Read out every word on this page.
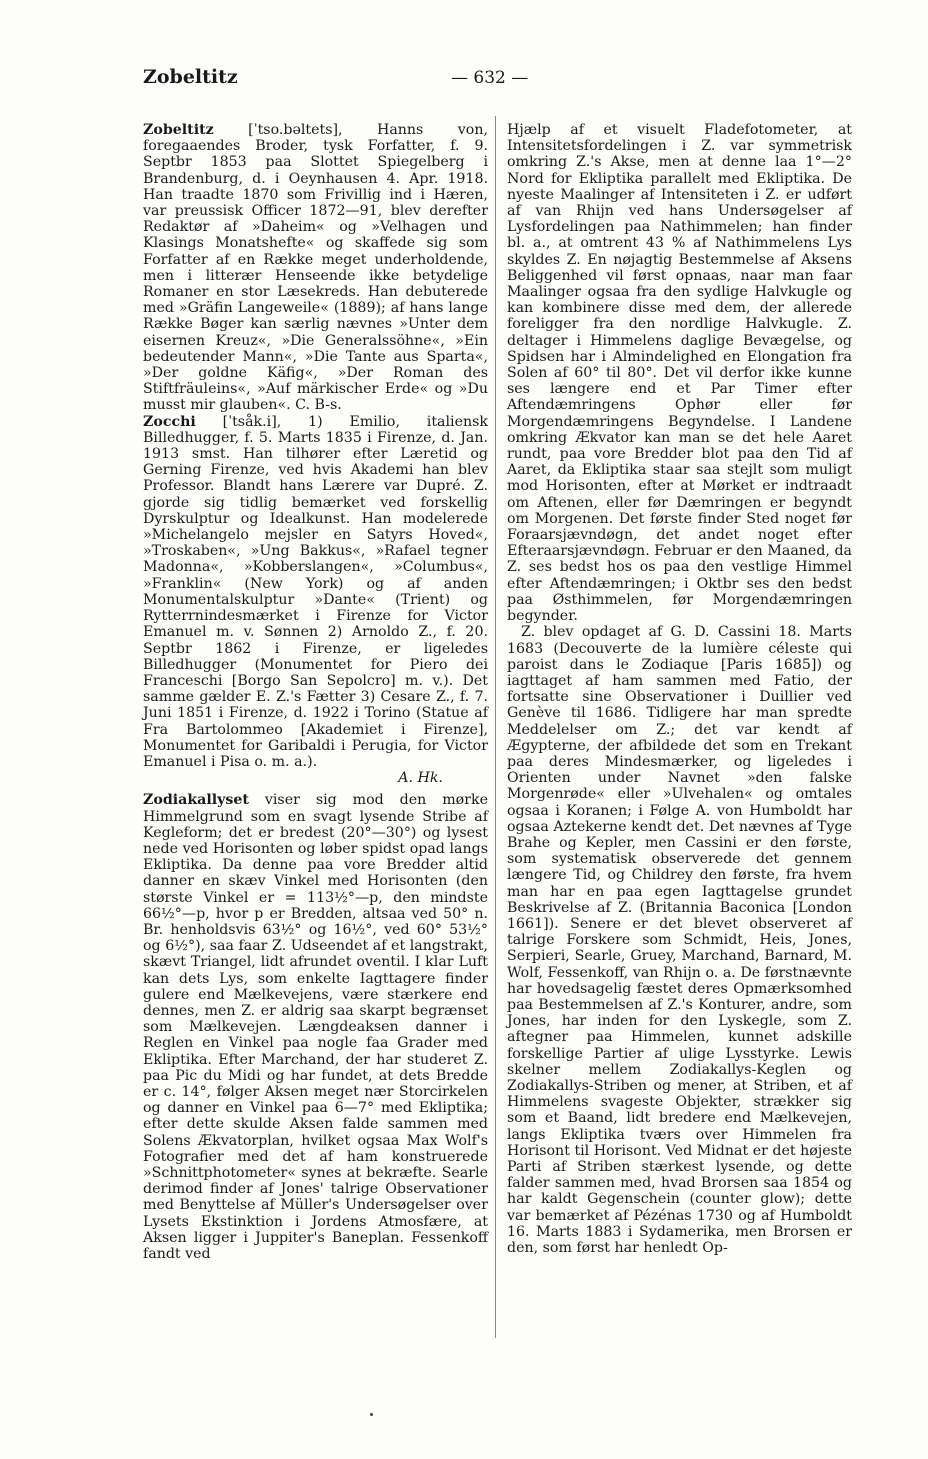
Zobeltitz	— 632 —

Zobeltitz [ˈtso.bəltets], Hanns von, foregaaendes Broder, tysk Forfatter, f. 9. Septbr 1853 paa Slottet Spiegelberg i Brandenburg, d. i Oeynhausen 4. Apr. 1918. Han traadte 1870 som Frivillig ind i Hæren, var preussisk Officer 1872—91, blev derefter Redaktør af »Daheim« og »Velhagen und Klasings Monatshefte« og skaffede sig som Forfatter af en Række meget underholdende, men i litterær Henseende ikke betydelige Romaner en stor Læsekreds. Han debuterede med »Gräfin Langeweile« (1889); af hans lange Række Bøger kan særlig nævnes »Unter dem eisernen Kreuz«, »Die Generalssöhne«, »Ein bedeutender Mann«, »Die Tante aus Sparta«, »Der goldne Käfig«, »Der Roman des Stiftfräuleins«, »Auf märkischer Erde« og »Du musst mir glauben«. C. B-s.

Zocchi [ˈtsåk.i], 1) Emilio, italiensk Billedhugger, f. 5. Marts 1835 i Firenze, d. Jan. 1913 smst. Han tilhører efter Læretid og Gerning Firenze, ved hvis Akademi han blev Professor. Blandt hans Lærere var Dupré. Z. gjorde sig tidlig bemærket ved forskellig Dyrskulptur og Idealkunst. Han modelerede »Michelangelo mejsler en Satyrs Hoved«, »Troskaben«, »Ung Bakkus«, »Rafael tegner Madonna«, »Kobberslangen«, »Columbus«, »Franklin« (New York) og af anden Monumentalskulptur »Dante« (Trient) og Rytterrnindesmærket i Firenze for Victor Emanuel m. v. Sønnen 2) Arnoldo Z., f. 20. Septbr 1862 i Firenze, er ligeledes Billedhugger (Monumentet for Piero dei Franceschi [Borgo San Sepolcro] m. v.). Det samme gælder E. Z.'s Fætter 3) Cesare Z., f. 7. Juni 1851 i Firenze, d. 1922 i Torino (Statue af Fra Bartolommeo [Akademiet i Firenze], Monumentet for Garibaldi i Perugia, for Victor Emanuel i Pisa o. m. a.).
A. Hk.

Zodiakallyset viser sig mod den mørke Himmelgrund som en svagt lysende Stribe af Kegleform; det er bredest (20°—30°) og lysest nede ved Horisonten og løber spidst opad langs Ekliptika. Da denne paa vore Bredder altid danner en skæv Vinkel med Horisonten (den største Vinkel er = 113½°—p, den mindste 66½°—p, hvor p er Bredden, altsaa ved 50° n. Br. henholdsvis 63½° og 16½°, ved 60° 53½° og 6½°), saa faar Z. Udseendet af et langstrakt, skævt Triangel, lidt afrundet oventil. I klar Luft kan dets Lys, som enkelte Iagttagere finder gulere end Mælkevejens, være stærkere end dennes, men Z. er aldrig saa skarpt begrænset som Mælkevejen. Længdeaksen danner i Reglen en Vinkel paa nogle faa Grader med Ekliptika. Efter Marchand, der har studeret Z. paa Pic du Midi og har fundet, at dets Bredde er c. 14°, følger Aksen meget nær Storcirkelen og danner en Vinkel paa 6—7° med Ekliptika; efter dette skulde Aksen falde sammen med Solens Ækvatorplan, hvilket ogsaa Max Wolf's Fotografier med det af ham konstruerede »Schnittphotometer« synes at bekræfte. Searle derimod finder af Jones' talrige Observationer med Benyttelse af Müller's Undersøgelser over Lysets Ekstinktion i Jordens Atmosfære, at Aksen ligger i Juppiter's Baneplan. Fessenkoff fandt ved

Hjælp af et visuelt Fladefotometer, at Intensitetsfordelingen i Z. var symmetrisk omkring Z.'s Akse, men at denne laa 1°—2° Nord for Ekliptika parallelt med Ekliptika. De nyeste Maalinger af Intensiteten i Z. er udført af van Rhijn ved hans Undersøgelser af Lysfordelingen paa Nathimmelen; han finder bl. a., at omtrent 43 % af Nathimmelens Lys skyldes Z. En nøjagtig Bestemmelse af Aksens Beliggenhed vil først opnaas, naar man faar Maalinger ogsaa fra den sydlige Halvkugle og kan kombinere disse med dem, der allerede foreligger fra den nordlige Halvkugle. Z. deltager i Himmelens daglige Bevægelse, og Spidsen har i Almindelighed en Elongation fra Solen af 60° til 80°. Det vil derfor ikke kunne ses længere end et Par Timer efter Aftendæmringens Ophør eller før Morgendæmringens Begyndelse. I Landene omkring Ækvator kan man se det hele Aaret rundt, paa vore Bredder blot paa den Tid af Aaret, da Ekliptika staar saa stejlt som muligt mod Horisonten, efter at Mørket er indtraadt om Aftenen, eller før Dæmringen er begyndt om Morgenen. Det første finder Sted noget før Foraarsjævndøgn, det andet noget efter Efteraarsjævndøgn. Februar er den Maaned, da Z. ses bedst hos os paa den vestlige Himmel efter Aftendæmringen; i Oktbr ses den bedst paa Østhimmelen, før Morgendæmringen begynder.

Z. blev opdaget af G. D. Cassini 18. Marts 1683 (Decouverte de la lumière céleste qui paroist dans le Zodiaque [Paris 1685]) og iagttaget af ham sammen med Fatio, der fortsatte sine Observationer i Duillier ved Genève til 1686. Tidligere har man spredte Meddelelser om Z.; det var kendt af Ægypterne, der afbildede det som en Trekant paa deres Mindesmærker, og ligeledes i Orienten under Navnet »den falske Morgenrøde« eller »Ulvehalen« og omtales ogsaa i Koranen; i Følge A. von Humboldt har ogsaa Aztekerne kendt det. Det nævnes af Tyge Brahe og Kepler, men Cassini er den første, som systematisk observerede det gennem længere Tid, og Childrey den første, fra hvem man har en paa egen Iagttagelse grundet Beskrivelse af Z. (Britannia Baconica [London 1661]). Senere er det blevet observeret af talrige Forskere som Schmidt, Heis, Jones, Serpieri, Searle, Gruey, Marchand, Barnard, M. Wolf, Fessenkoff, van Rhijn o. a. De førstnævnte har hovedsagelig fæstet deres Opmærksomhed paa Bestemmelsen af Z.'s Konturer, andre, som Jones, har inden for den Lyskegle, som Z. aftegner paa Himmelen, kunnet adskille forskellige Partier af ulige Lysstyrke. Lewis skelner mellem Zodiakallys-Keglen og Zodiakallys-Striben og mener, at Striben, et af Himmelens svageste Objekter, strækker sig som et Baand, lidt bredere end Mælkevejen, langs Ekliptika tværs over Himmelen fra Horisont til Horisont. Ved Midnat er det højeste Parti af Striben stærkest lysende, og dette falder sammen med, hvad Brorsen saa 1854 og har kaldt Gegenschein (counter glow); dette var bemærket af Pézénas 1730 og af Humboldt 16. Marts 1883 i Sydamerika, men Brorsen er den, som først har henledt Op-
